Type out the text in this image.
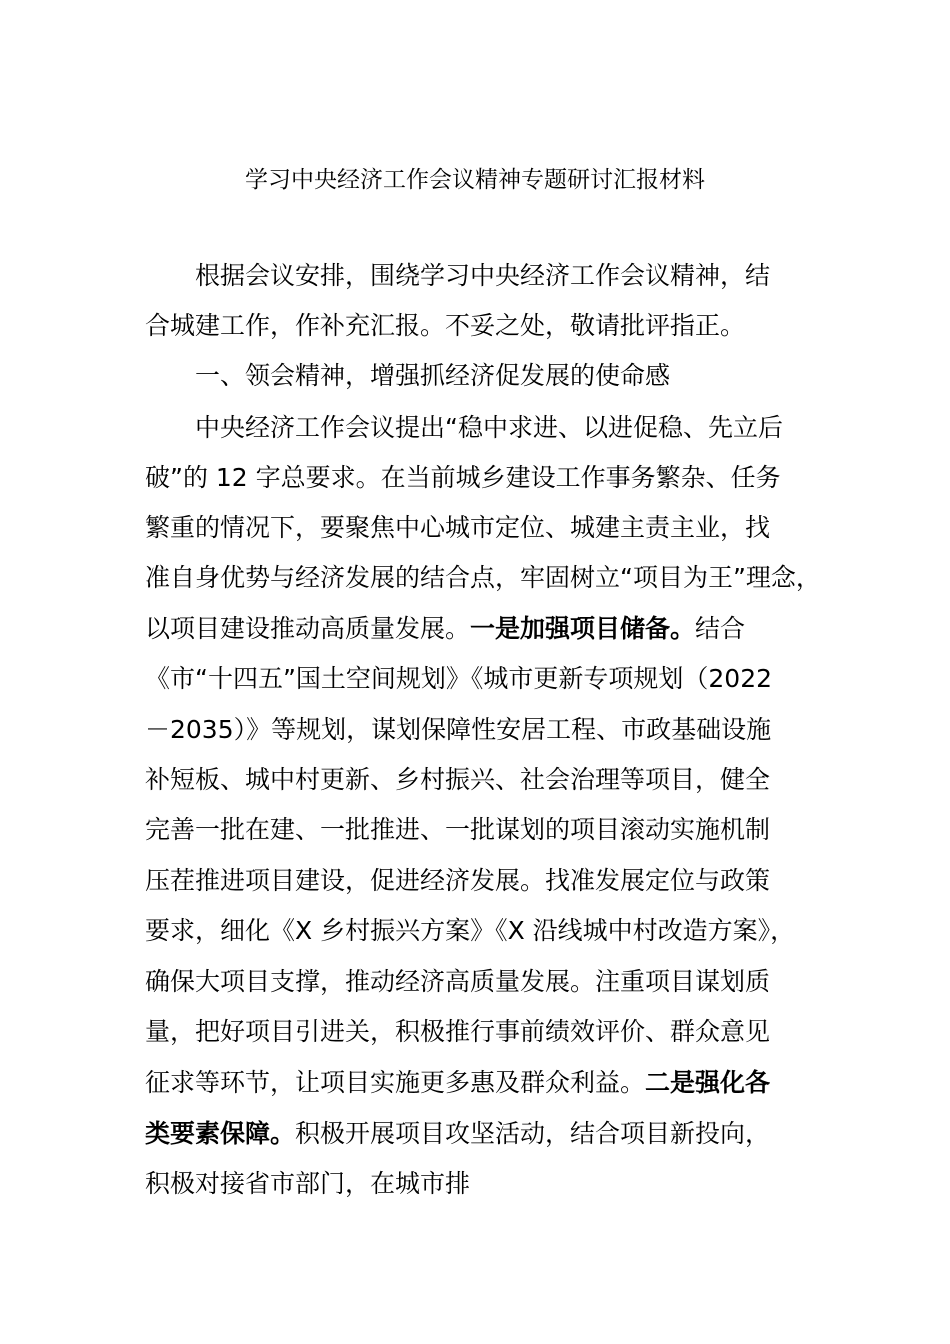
学习中央经济工作会议精神专题研讨汇报材料
根据会议安排，围绕学习中央经济工作会议精神，结
合城建工作，作补充汇报。不妥之处，敬请批评指正。
一、领会精神，增强抓经济促发展的使命感
中央经济工作会议提出“稳中求进、以进促稳、先立后
破”的 12 字总要求。在当前城乡建设工作事务繁杂、任务
繁重的情况下，要聚焦中心城市定位、城建主责主业，找
准自身优势与经济发展的结合点，牢固树立“项目为王”理念，
以项目建设推动高质量发展。一是加强项目储备。结合
《市“十四五”国土空间规划》《城市更新专项规划（2022
－2035）》等规划，谋划保障性安居工程、市政基础设施
补短板、城中村更新、乡村振兴、社会治理等项目，健全
完善一批在建、一批推进、一批谋划的项目滚动实施机制
压茬推进项目建设，促进经济发展。找准发展定位与政策
要求，细化《X 乡村振兴方案》《X 沿线城中村改造方案》，
确保大项目支撑，推动经济高质量发展。注重项目谋划质
量，把好项目引进关，积极推行事前绩效评价、群众意见
征求等环节，让项目实施更多惠及群众利益。二是强化各
类要素保障。积极开展项目攻坚活动，结合项目新投向，
积极对接省市部门，在城市排
